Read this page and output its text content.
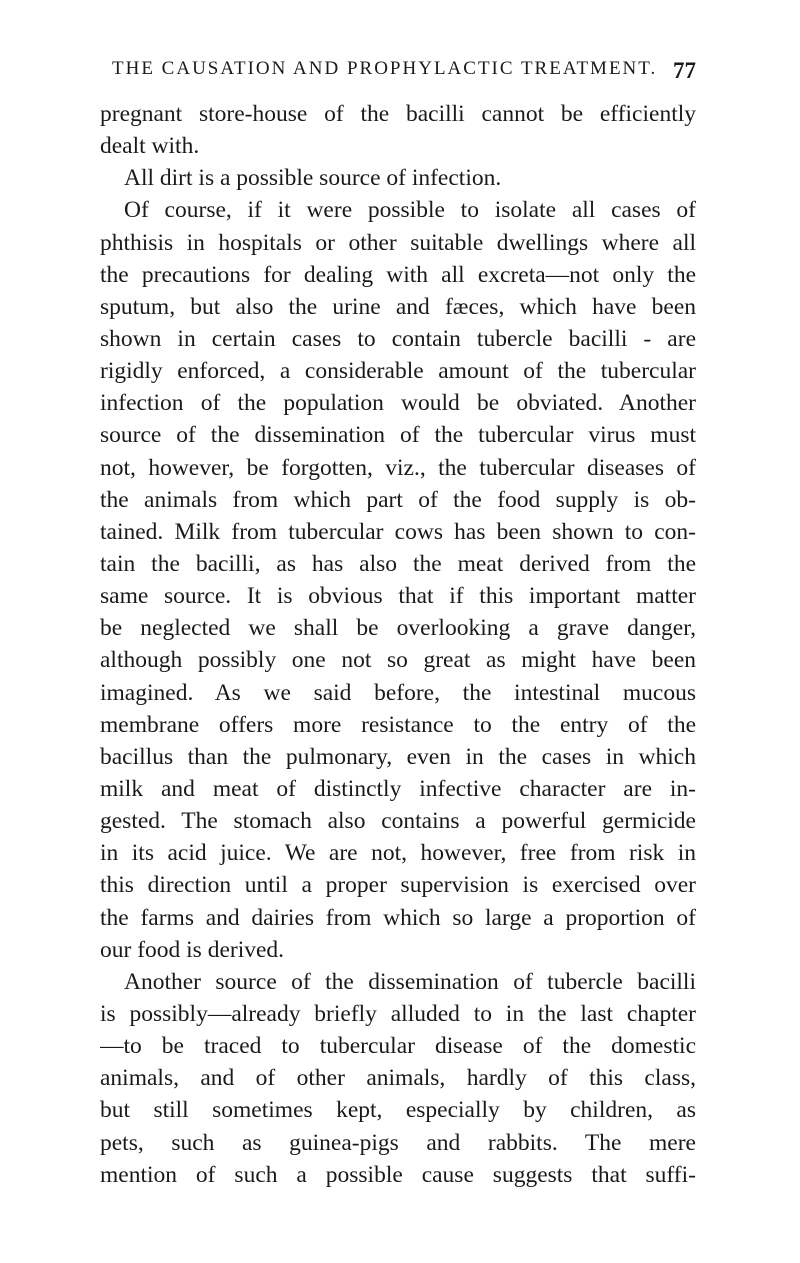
THE CAUSATION AND PROPHYLACTIC TREATMENT. 77
pregnant store-house of the bacilli cannot be efficiently
dealt with.
All dirt is a possible source of infection.
Of course, if it were possible to isolate all cases of
phthisis in hospitals or other suitable dwellings where all
the precautions for dealing with all excreta—not only the
sputum, but also the urine and fæces, which have been
shown in certain cases to contain tubercle bacilli - are
rigidly enforced, a considerable amount of the tubercular
infection of the population would be obviated. Another
source of the dissemination of the tubercular virus must
not, however, be forgotten, viz., the tubercular diseases of
the animals from which part of the food supply is ob-
tained. Milk from tubercular cows has been shown to con-
tain the bacilli, as has also the meat derived from the
same source. It is obvious that if this important matter
be neglected we shall be overlooking a grave danger,
although possibly one not so great as might have been
imagined. As we said before, the intestinal mucous
membrane offers more resistance to the entry of the
bacillus than the pulmonary, even in the cases in which
milk and meat of distinctly infective character are in-
gested. The stomach also contains a powerful germicide
in its acid juice. We are not, however, free from risk in
this direction until a proper supervision is exercised over
the farms and dairies from which so large a proportion of
our food is derived.
Another source of the dissemination of tubercle bacilli
is possibly—already briefly alluded to in the last chapter
—to be traced to tubercular disease of the domestic
animals, and of other animals, hardly of this class,
but still sometimes kept, especially by children, as
pets, such as guinea-pigs and rabbits. The mere
mention of such a possible cause suggests that suffi-
